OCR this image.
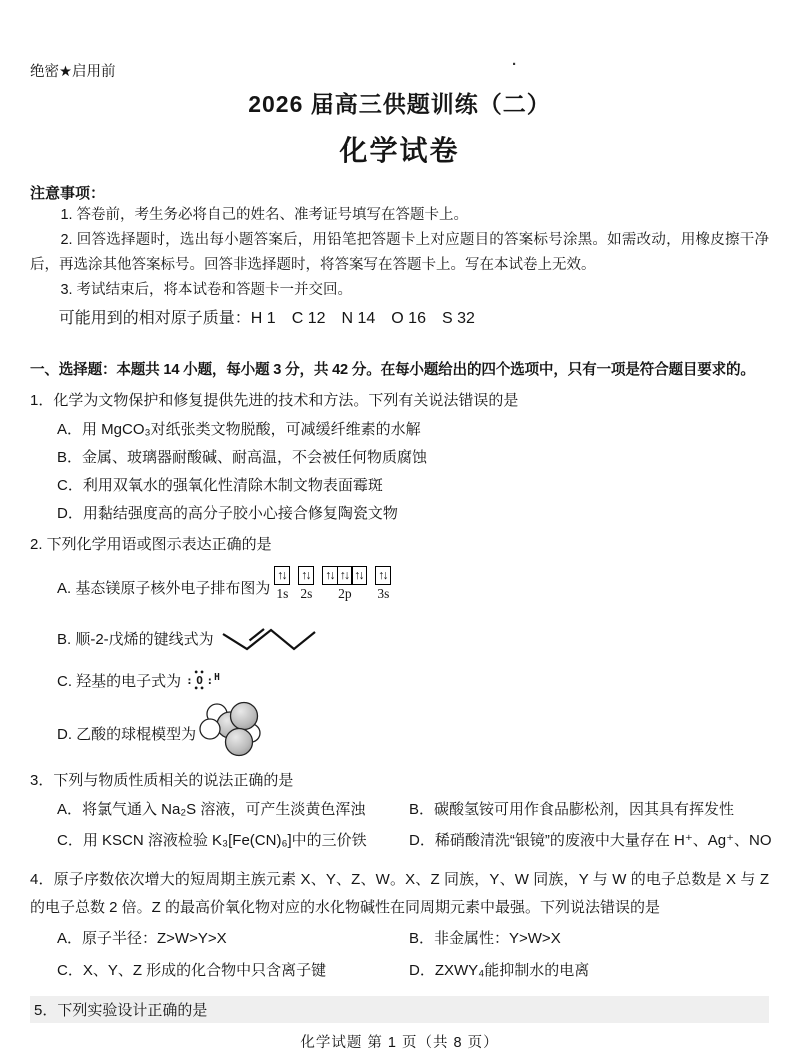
绝密★启用前	·

2026 届高三供题训练（二）

化学试卷

注意事项：

1. 答卷前，考生务必将自己的姓名、准考证号填写在答题卡上。

2. 回答选择题时，选出每小题答案后，用铅笔把答题卡上对应题目的答案标号涂黑。如需改动，用橡皮擦干净后，再选涂其他答案标号。回答非选择题时，将答案写在答题卡上。写在本试卷上无效。

3. 考试结束后，将本试卷和答题卡一并交回。

可能用到的相对原子质量：H 1　C 12　N 14　O 16　S 32

一、选择题：本题共 14 小题，每小题 3 分，共 42 分。在每小题给出的四个选项中，只有一项是符合题目要求的。

1．化学为文物保护和修复提供先进的技术和方法。下列有关说法错误的是

A．用 MgCO₃对纸张类文物脱酸，可减缓纤维素的水解

B．金属、玻璃器耐酸碱、耐高温，不会被任何物质腐蚀

C．利用双氧水的强氧化性清除木制文物表面霉斑

D．用黏结强度高的高分子胶小心接合修复陶瓷文物

2. 下列化学用语或图示表达正确的是

A. 基态镁原子核外电子排布图为
↑↓
1s
↑↓
2s
↑↓ ↑↓ ↑↓
2p
↑↓
3s
B. 顺-2-戊烯的键线式为
C. 羟基的电子式为 :
••
O
••
: H
D. 乙酸的球棍模型为

3．下列与物质性质相关的说法正确的是

A．将氯气通入 Na₂S 溶液，可产生淡黄色浑浊	B．碳酸氢铵可用作食品膨松剂，因其具有挥发性
C．用 KSCN 溶液检验 K₃[Fe(CN)₆]中的三价铁	D．稀硝酸清洗“银镜”的废液中大量存在 H⁺、Ag⁺、NO

4．原子序数依次增大的短周期主族元素 X、Y、Z、W。X、Z 同族，Y、W 同族，Y 与 W 的电子总数是 X 与 Z 的电子总数 2 倍。Z 的最高价氧化物对应的水化物碱性在同周期元素中最强。下列说法错误的是

A．原子半径：Z>W>Y>X	B．非金属性：Y>W>X
C．X、Y、Z 形成的化合物中只含离子键	D．ZXWY₄能抑制水的电离
5．下列实验设计正确的是

化学试题 第 1 页（共 8 页）
